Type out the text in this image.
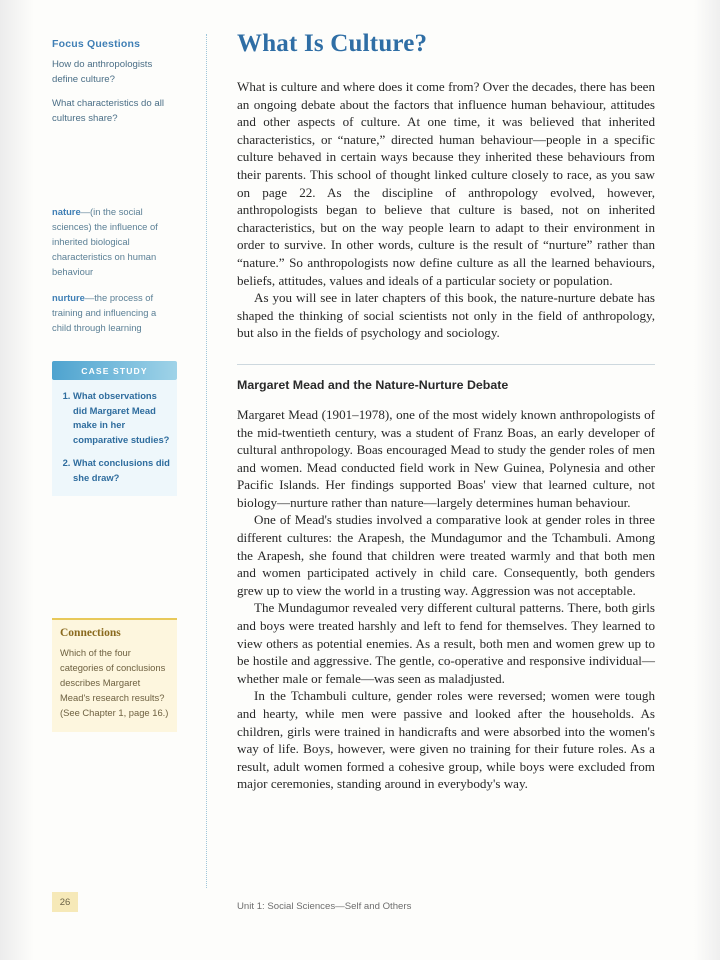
Focus Questions
How do anthropologists define culture?
What characteristics do all cultures share?

nature—(in the social sciences) the influence of inherited biological characteristics on human behaviour

nurture—the process of training and influencing a child through learning

CASE STUDY
1. What observations did Margaret Mead make in her comparative studies?
2. What conclusions did she draw?
Connections

Which of the four categories of conclusions describes Margaret Mead's research results? (See Chapter 1, page 16.)

What Is Culture?

What is culture and where does it come from? Over the decades, there has been an ongoing debate about the factors that influence human behaviour, attitudes and other aspects of culture. At one time, it was believed that inherited characteristics, or “nature,” directed human behaviour—people in a specific culture behaved in certain ways because they inherited these behaviours from their parents. This school of thought linked culture closely to race, as you saw on page 22. As the discipline of anthropology evolved, however, anthropologists began to believe that culture is based, not on inherited characteristics, but on the way people learn to adapt to their environment in order to survive. In other words, culture is the result of “nurture” rather than “nature.” So anthropologists now define culture as all the learned behaviours, beliefs, attitudes, values and ideals of a particular society or population.

As you will see in later chapters of this book, the nature-nurture debate has shaped the thinking of social scientists not only in the field of anthropology, but also in the fields of psychology and sociology.

Margaret Mead and the Nature-Nurture Debate

Margaret Mead (1901–1978), one of the most widely known anthropologists of the mid-twentieth century, was a student of Franz Boas, an early developer of cultural anthropology. Boas encouraged Mead to study the gender roles of men and women. Mead conducted field work in New Guinea, Polynesia and other Pacific Islands. Her findings supported Boas' view that learned culture, not biology—nurture rather than nature—largely determines human behaviour.

One of Mead's studies involved a comparative look at gender roles in three different cultures: the Arapesh, the Mundagumor and the Tchambuli. Among the Arapesh, she found that children were treated warmly and that both men and women participated actively in child care. Consequently, both genders grew up to view the world in a trusting way. Aggression was not acceptable.

The Mundagumor revealed very different cultural patterns. There, both girls and boys were treated harshly and left to fend for themselves. They learned to view others as potential enemies. As a result, both men and women grew up to be hostile and aggressive. The gentle, co-operative and responsive individual—whether male or female—was seen as maladjusted.

In the Tchambuli culture, gender roles were reversed; women were tough and hearty, while men were passive and looked after the households. As children, girls were trained in handicrafts and were absorbed into the women's way of life. Boys, however, were given no training for their future roles. As a result, adult women formed a cohesive group, while boys were excluded from major ceremonies, standing around in everybody's way.

26	Unit 1: Social Sciences—Self and Others
